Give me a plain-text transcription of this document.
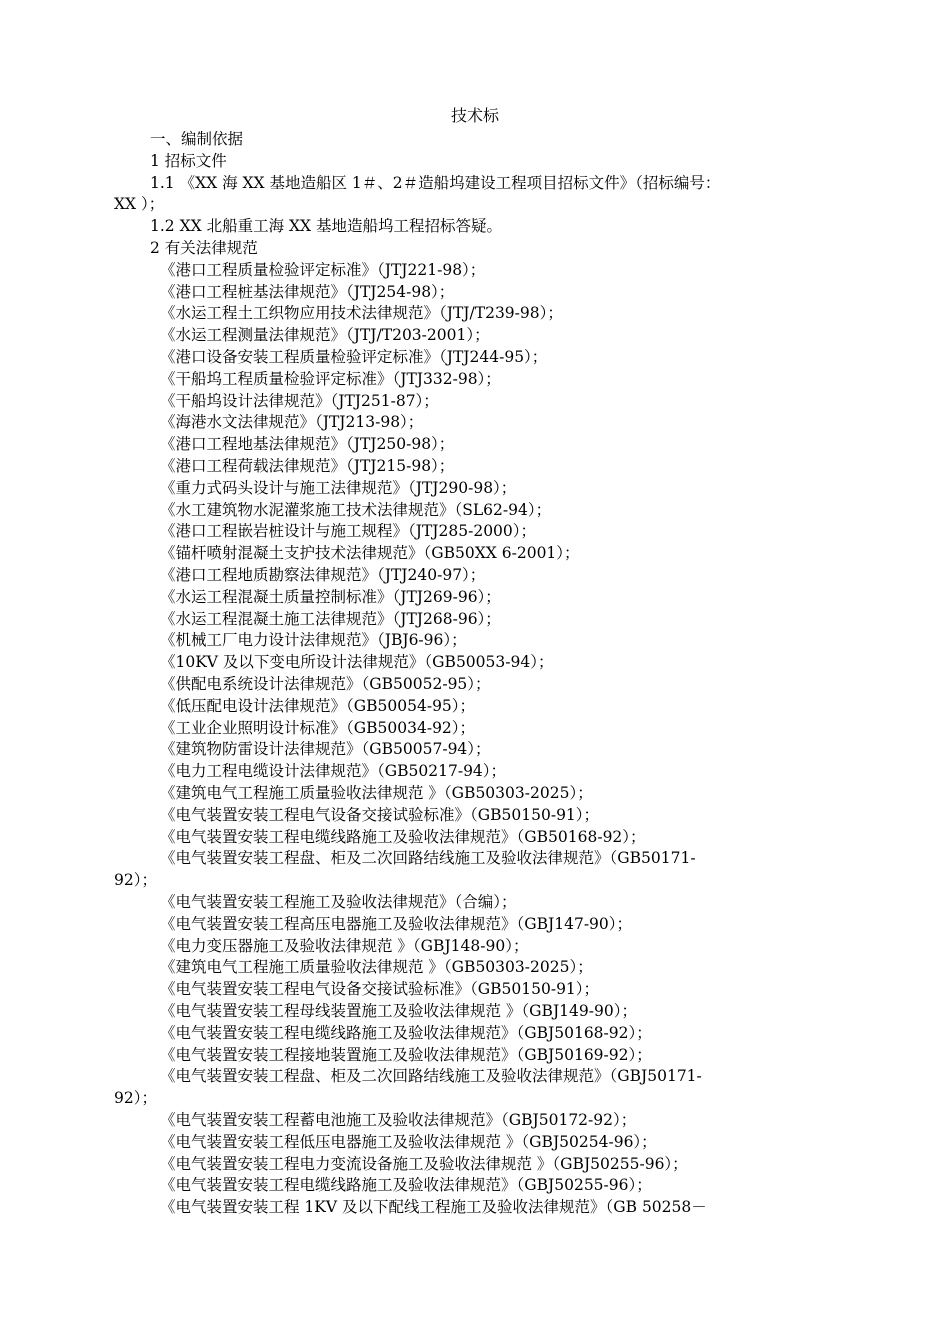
技术标
一、编制依据
1 招标文件
1.1 《XX 海 XX 基地造船区 1＃、2＃造船坞建设工程项目招标文件》（招标编号：
XX ）；
1.2 XX 北船重工海 XX 基地造船坞工程招标答疑。
2 有关法律规范
《港口工程质量检验评定标准》（JTJ221-98）；
《港口工程桩基法律规范》（JTJ254-98）；
《水运工程土工织物应用技术法律规范》（JTJ/T239-98）；
《水运工程测量法律规范》（JTJ/T203-2001）；
《港口设备安装工程质量检验评定标准》（JTJ244-95）；
《干船坞工程质量检验评定标准》（JTJ332-98）；
《干船坞设计法律规范》（JTJ251-87）；
《海港水文法律规范》（JTJ213-98）；
《港口工程地基法律规范》（JTJ250-98）；
《港口工程荷载法律规范》（JTJ215-98）；
《重力式码头设计与施工法律规范》（JTJ290-98）；
《水工建筑物水泥灌浆施工技术法律规范》（SL62-94）；
《港口工程嵌岩桩设计与施工规程》（JTJ285-2000）；
《锚杆喷射混凝土支护技术法律规范》（GB50XX 6-2001）；
《港口工程地质勘察法律规范》（JTJ240-97）；
《水运工程混凝土质量控制标准》（JTJ269-96）；
《水运工程混凝土施工法律规范》（JTJ268-96）；
《机械工厂电力设计法律规范》（JBJ6-96）；
《10KV 及以下变电所设计法律规范》（GB50053-94）；
《供配电系统设计法律规范》（GB50052-95）；
《低压配电设计法律规范》（GB50054-95）；
《工业企业照明设计标准》（GB50034-92）；
《建筑物防雷设计法律规范》（GB50057-94）；
《电力工程电缆设计法律规范》（GB50217-94）；
《建筑电气工程施工质量验收法律规范 》（GB50303-2025）；
《电气装置安装工程电气设备交接试验标准》（GB50150-91）；
《电气装置安装工程电缆线路施工及验收法律规范》（GB50168-92）；
《电气装置安装工程盘、柜及二次回路结线施工及验收法律规范》（GB50171-
92）；
《电气装置安装工程施工及验收法律规范》（合编）；
《电气装置安装工程高压电器施工及验收法律规范》（GBJ147-90）；
《电力变压器施工及验收法律规范 》（GBJ148-90）；
《建筑电气工程施工质量验收法律规范 》（GB50303-2025）；
《电气装置安装工程电气设备交接试验标准》（GB50150-91）；
《电气装置安装工程母线装置施工及验收法律规范 》（GBJ149-90）；
《电气装置安装工程电缆线路施工及验收法律规范》（GBJ50168-92）；
《电气装置安装工程接地装置施工及验收法律规范》（GBJ50169-92）；
《电气装置安装工程盘、柜及二次回路结线施工及验收法律规范》（GBJ50171-
92）；
《电气装置安装工程蓄电池施工及验收法律规范》（GBJ50172-92）；
《电气装置安装工程低压电器施工及验收法律规范 》（GBJ50254-96）；
《电气装置安装工程电力变流设备施工及验收法律规范 》（GBJ50255-96）；
《电气装置安装工程电缆线路施工及验收法律规范》（GBJ50255-96）；
《电气装置安装工程 1KV 及以下配线工程施工及验收法律规范》（GB 50258－
